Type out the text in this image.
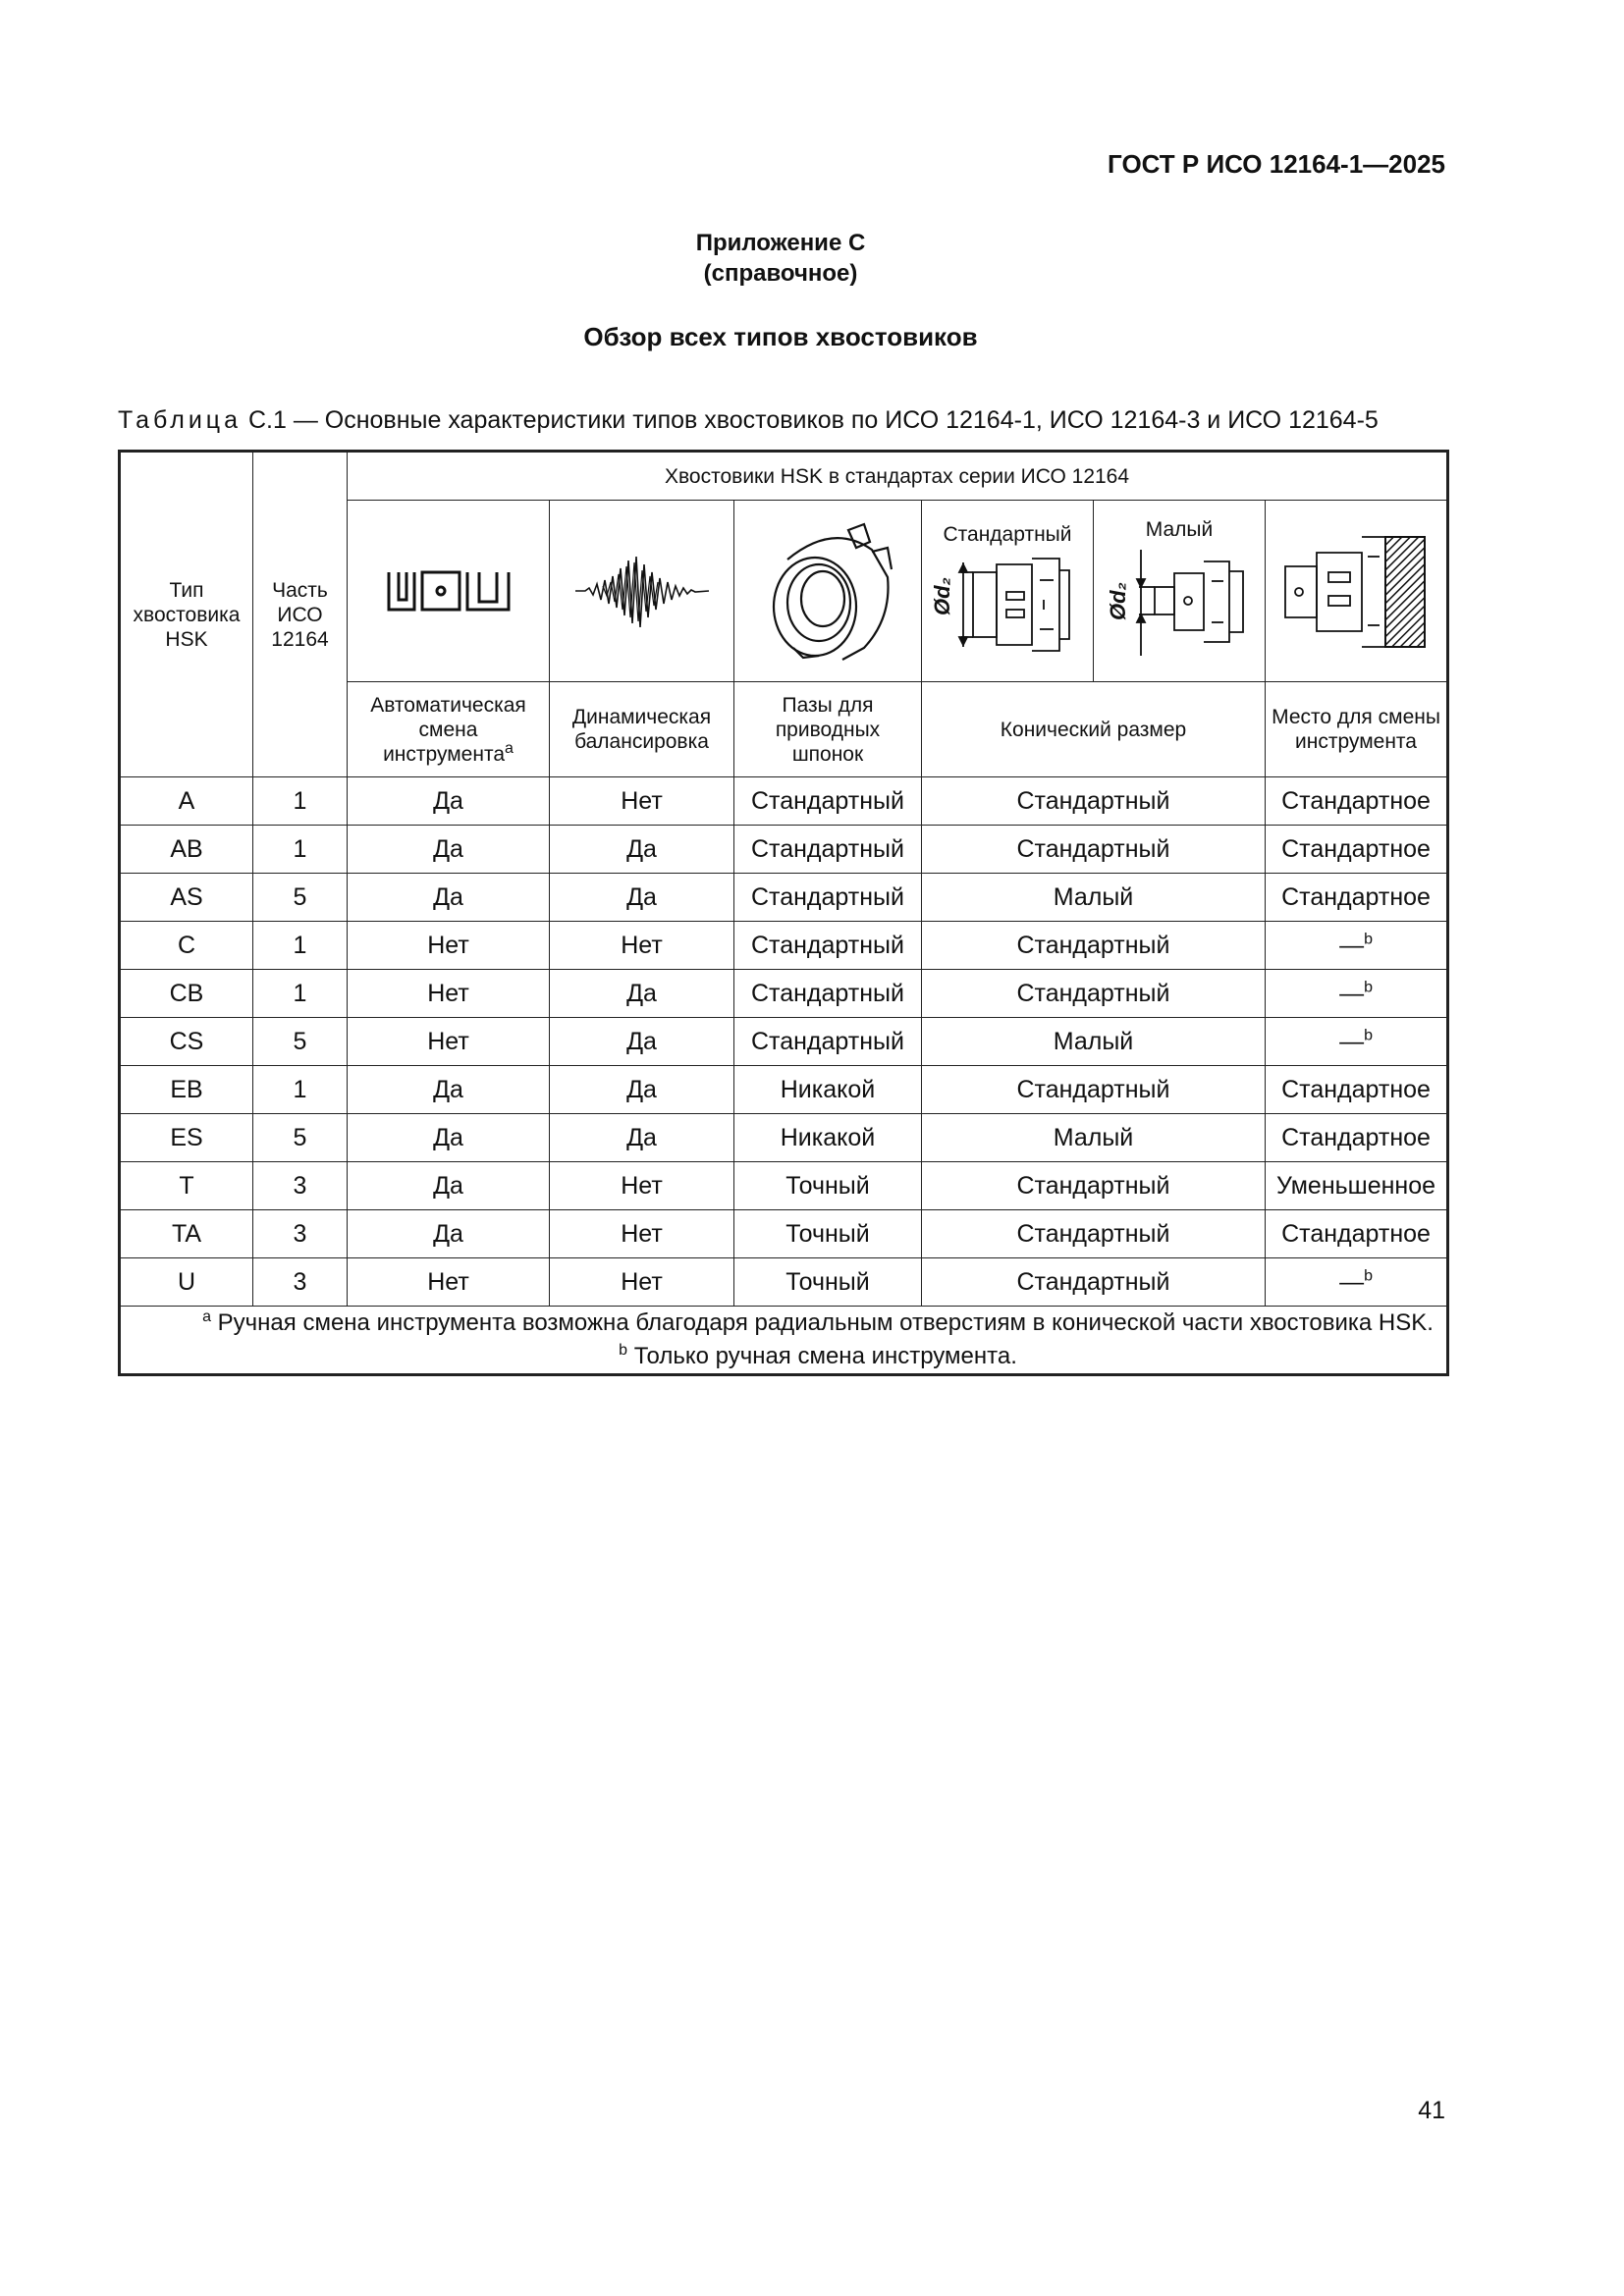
ГОСТ Р ИСО 12164-1—2025
Приложение С
(справочное)
Обзор всех типов хвостовиков
Таблица С.1 — Основные характеристики типов хвостовиков по ИСО 12164-1, ИСО 12164-3 и ИСО 12164-5
Тип хвостовика HSK	Часть ИСО 12164	Хвостовики HSK в стандартах серии ИСО 12164					

Стандартный
Ød₂	Малый
Ød₂

		Автоматическая смена инструмента$^a$	Динамическая балансировка	Пазы для приводных шпонок	Конический размер		Место для смены инструмента
A	1	Да	Нет	Стандартный	Стандартный		Стандартное
AB	1	Да	Да	Стандартный	Стандартный		Стандартное
AS	5	Да	Да	Стандартный	Малый		Стандартное
C	1	Нет	Нет	Стандартный	Стандартный		—$^b$
CB	1	Нет	Да	Стандартный	Стандартный		—$^b$
CS	5	Нет	Да	Стандартный	Малый		—$^b$
EB	1	Да	Да	Никакой	Стандартный		Стандартное
ES	5	Да	Да	Никакой	Малый		Стандартное
T	3	Да	Нет	Точный	Стандартный		Уменьшенное
TA	3	Да	Нет	Точный	Стандартный		Стандартное
U	3	Нет	Нет	Точный	Стандартный		—$^b$

$^a$ Ручная смена инструмента возможна благодаря радиальным отверстиям в конической части хвостовика HSK.
$^b$ Только ручная смена инструмента.							
41
